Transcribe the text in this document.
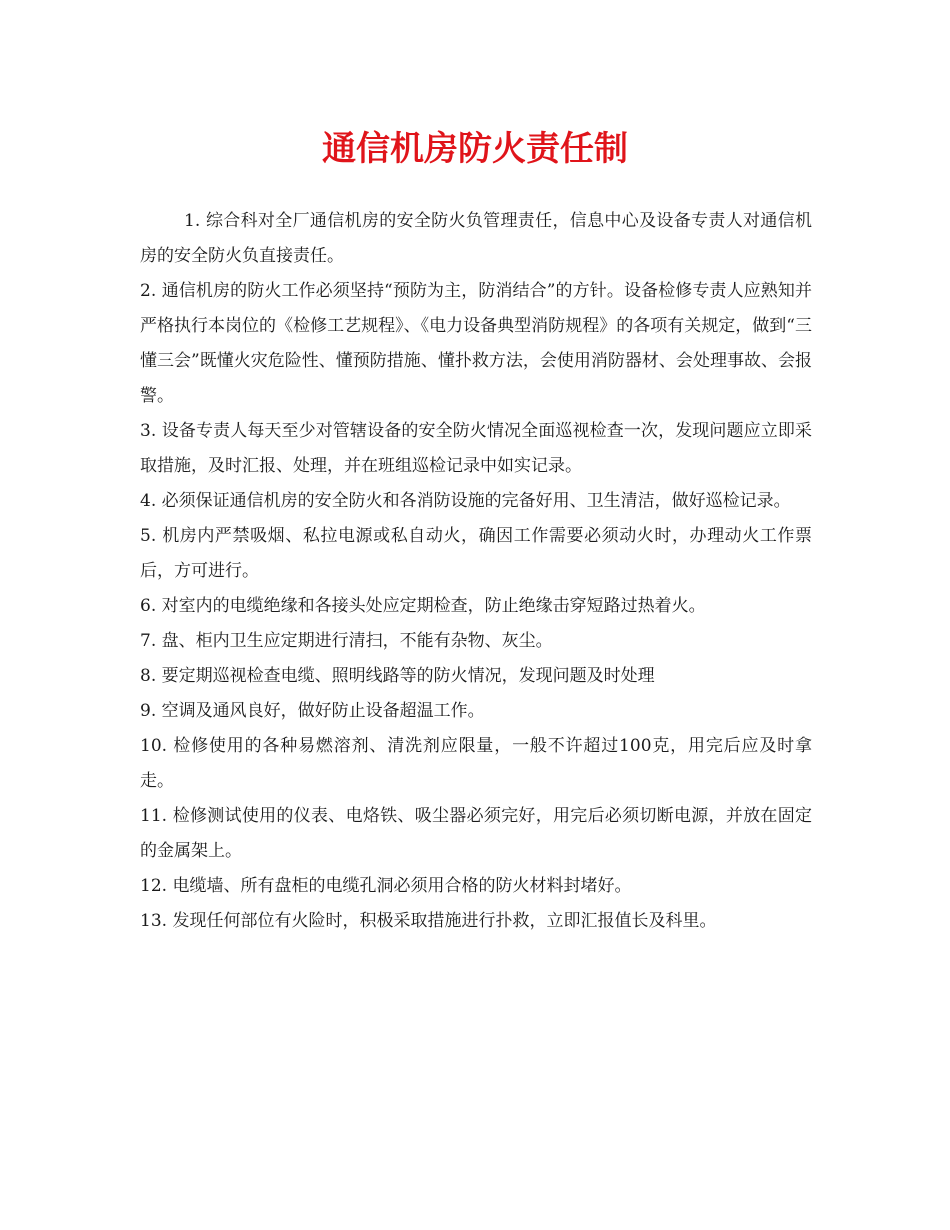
通信机房防火责任制

1. 综合科对全厂通信机房的安全防火负管理责任，信息中心及设备专责人对通信机房的安全防火负直接责任。

2. 通信机房的防火工作必须坚持“预防为主，防消结合”的方针。设备检修专责人应熟知并严格执行本岗位的《检修工艺规程》、《电力设备典型消防规程》的各项有关规定，做到“三懂三会”既懂火灾危险性、懂预防措施、懂扑救方法，会使用消防器材、会处理事故、会报警。

3. 设备专责人每天至少对管辖设备的安全防火情况全面巡视检查一次，发现问题应立即采取措施，及时汇报、处理，并在班组巡检记录中如实记录。

4. 必须保证通信机房的安全防火和各消防设施的完备好用、卫生清洁，做好巡检记录。

5. 机房内严禁吸烟、私拉电源或私自动火，确因工作需要必须动火时，办理动火工作票后，方可进行。

6. 对室内的电缆绝缘和各接头处应定期检查，防止绝缘击穿短路过热着火。

7. 盘、柜内卫生应定期进行清扫，不能有杂物、灰尘。

8. 要定期巡视检查电缆、照明线路等的防火情况，发现问题及时处理

9. 空调及通风良好，做好防止设备超温工作。

10. 检修使用的各种易燃溶剂、清洗剂应限量，一般不许超过100克，用完后应及时拿走。

11. 检修测试使用的仪表、电烙铁、吸尘器必须完好，用完后必须切断电源，并放在固定的金属架上。

12. 电缆墙、所有盘柜的电缆孔洞必须用合格的防火材料封堵好。

13. 发现任何部位有火险时，积极采取措施进行扑救，立即汇报值长及科里。
